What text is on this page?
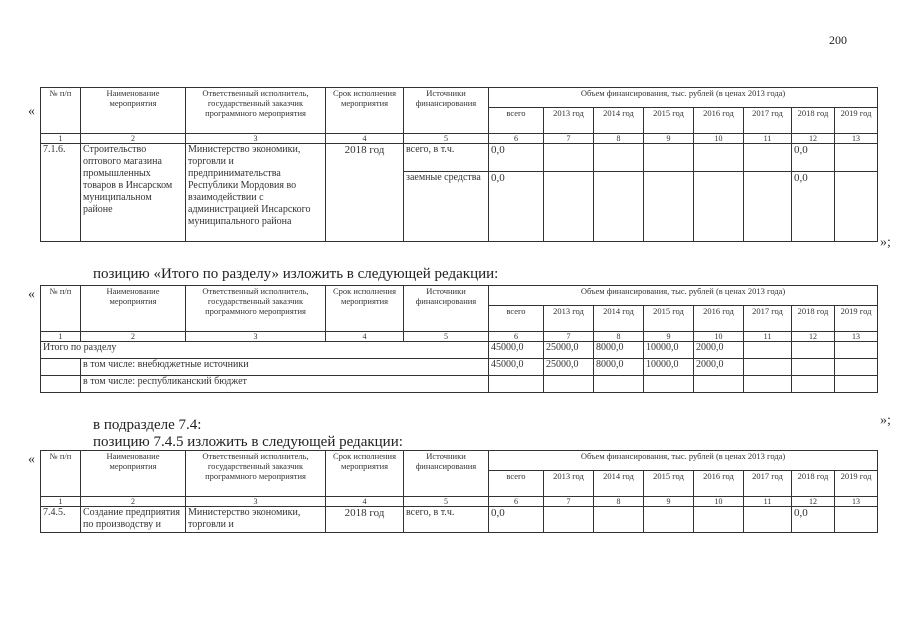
200
«
№ п/п	Наименование мероприятия	Ответственный исполнитель, государственный заказчик программного мероприятия	Срок исполнения мероприятия	Источники финансирования	Объем финансирования, тыс. рублей (в ценах 2013 года)							
					всего	2013 год	2014 год	2015 год	2016 год	2017 год	2018 год	2019 год
1	2	3	4	5	6	7	8	9	10	11	12	13
7.1.6.	Строительство оптового магазина промышленных товаров в Инсарском муниципальном районе	Министерство экономики, торговли и предпринимательства Республики Мордовия во взаимодействии с администрацией Инсарского муниципального района	2018 год	всего, в т.ч.	0,0						0,0	
				заемные средства	0,0						0,0	
»;
позицию «Итого по разделу» изложить в следующей редакции:
« № п/п	Наименование мероприятия	Ответственный исполнитель, государственный заказчик программного мероприятия	Срок исполнения мероприятия	Источники финансирования	Объем финансирования, тыс. рублей (в ценах 2013 года)							
					всего	2013 год	2014 год	2015 год	2016 год	2017 год	2018 год	2019 год
1	2	3	4	5	6	7	8	9	10	11	12	13
Итого по разделу					45000,0	25000,0	8000,0	10000,0	2000,0			
	в том числе: внебюджетные источники				45000,0	25000,0	8000,0	10000,0	2000,0			
	в том числе: республиканский бюджет											
»;
в подразделе 7.4:
позицию 7.4.5 изложить в следующей редакции:
« № п/п	Наименование мероприятия	Ответственный исполнитель, государственный заказчик программного мероприятия	Срок исполнения мероприятия	Источники финансирования	Объем финансирования, тыс. рублей (в ценах 2013 года)							
					всего	2013 год	2014 год	2015 год	2016 год	2017 год	2018 год	2019 год
1	2	3	4	5	6	7	8	9	10	11	12	13
7.4.5.	Создание предприятия по производству и	Министерство экономики, торговли и	2018 год	всего, в т.ч.	0,0						0,0	
